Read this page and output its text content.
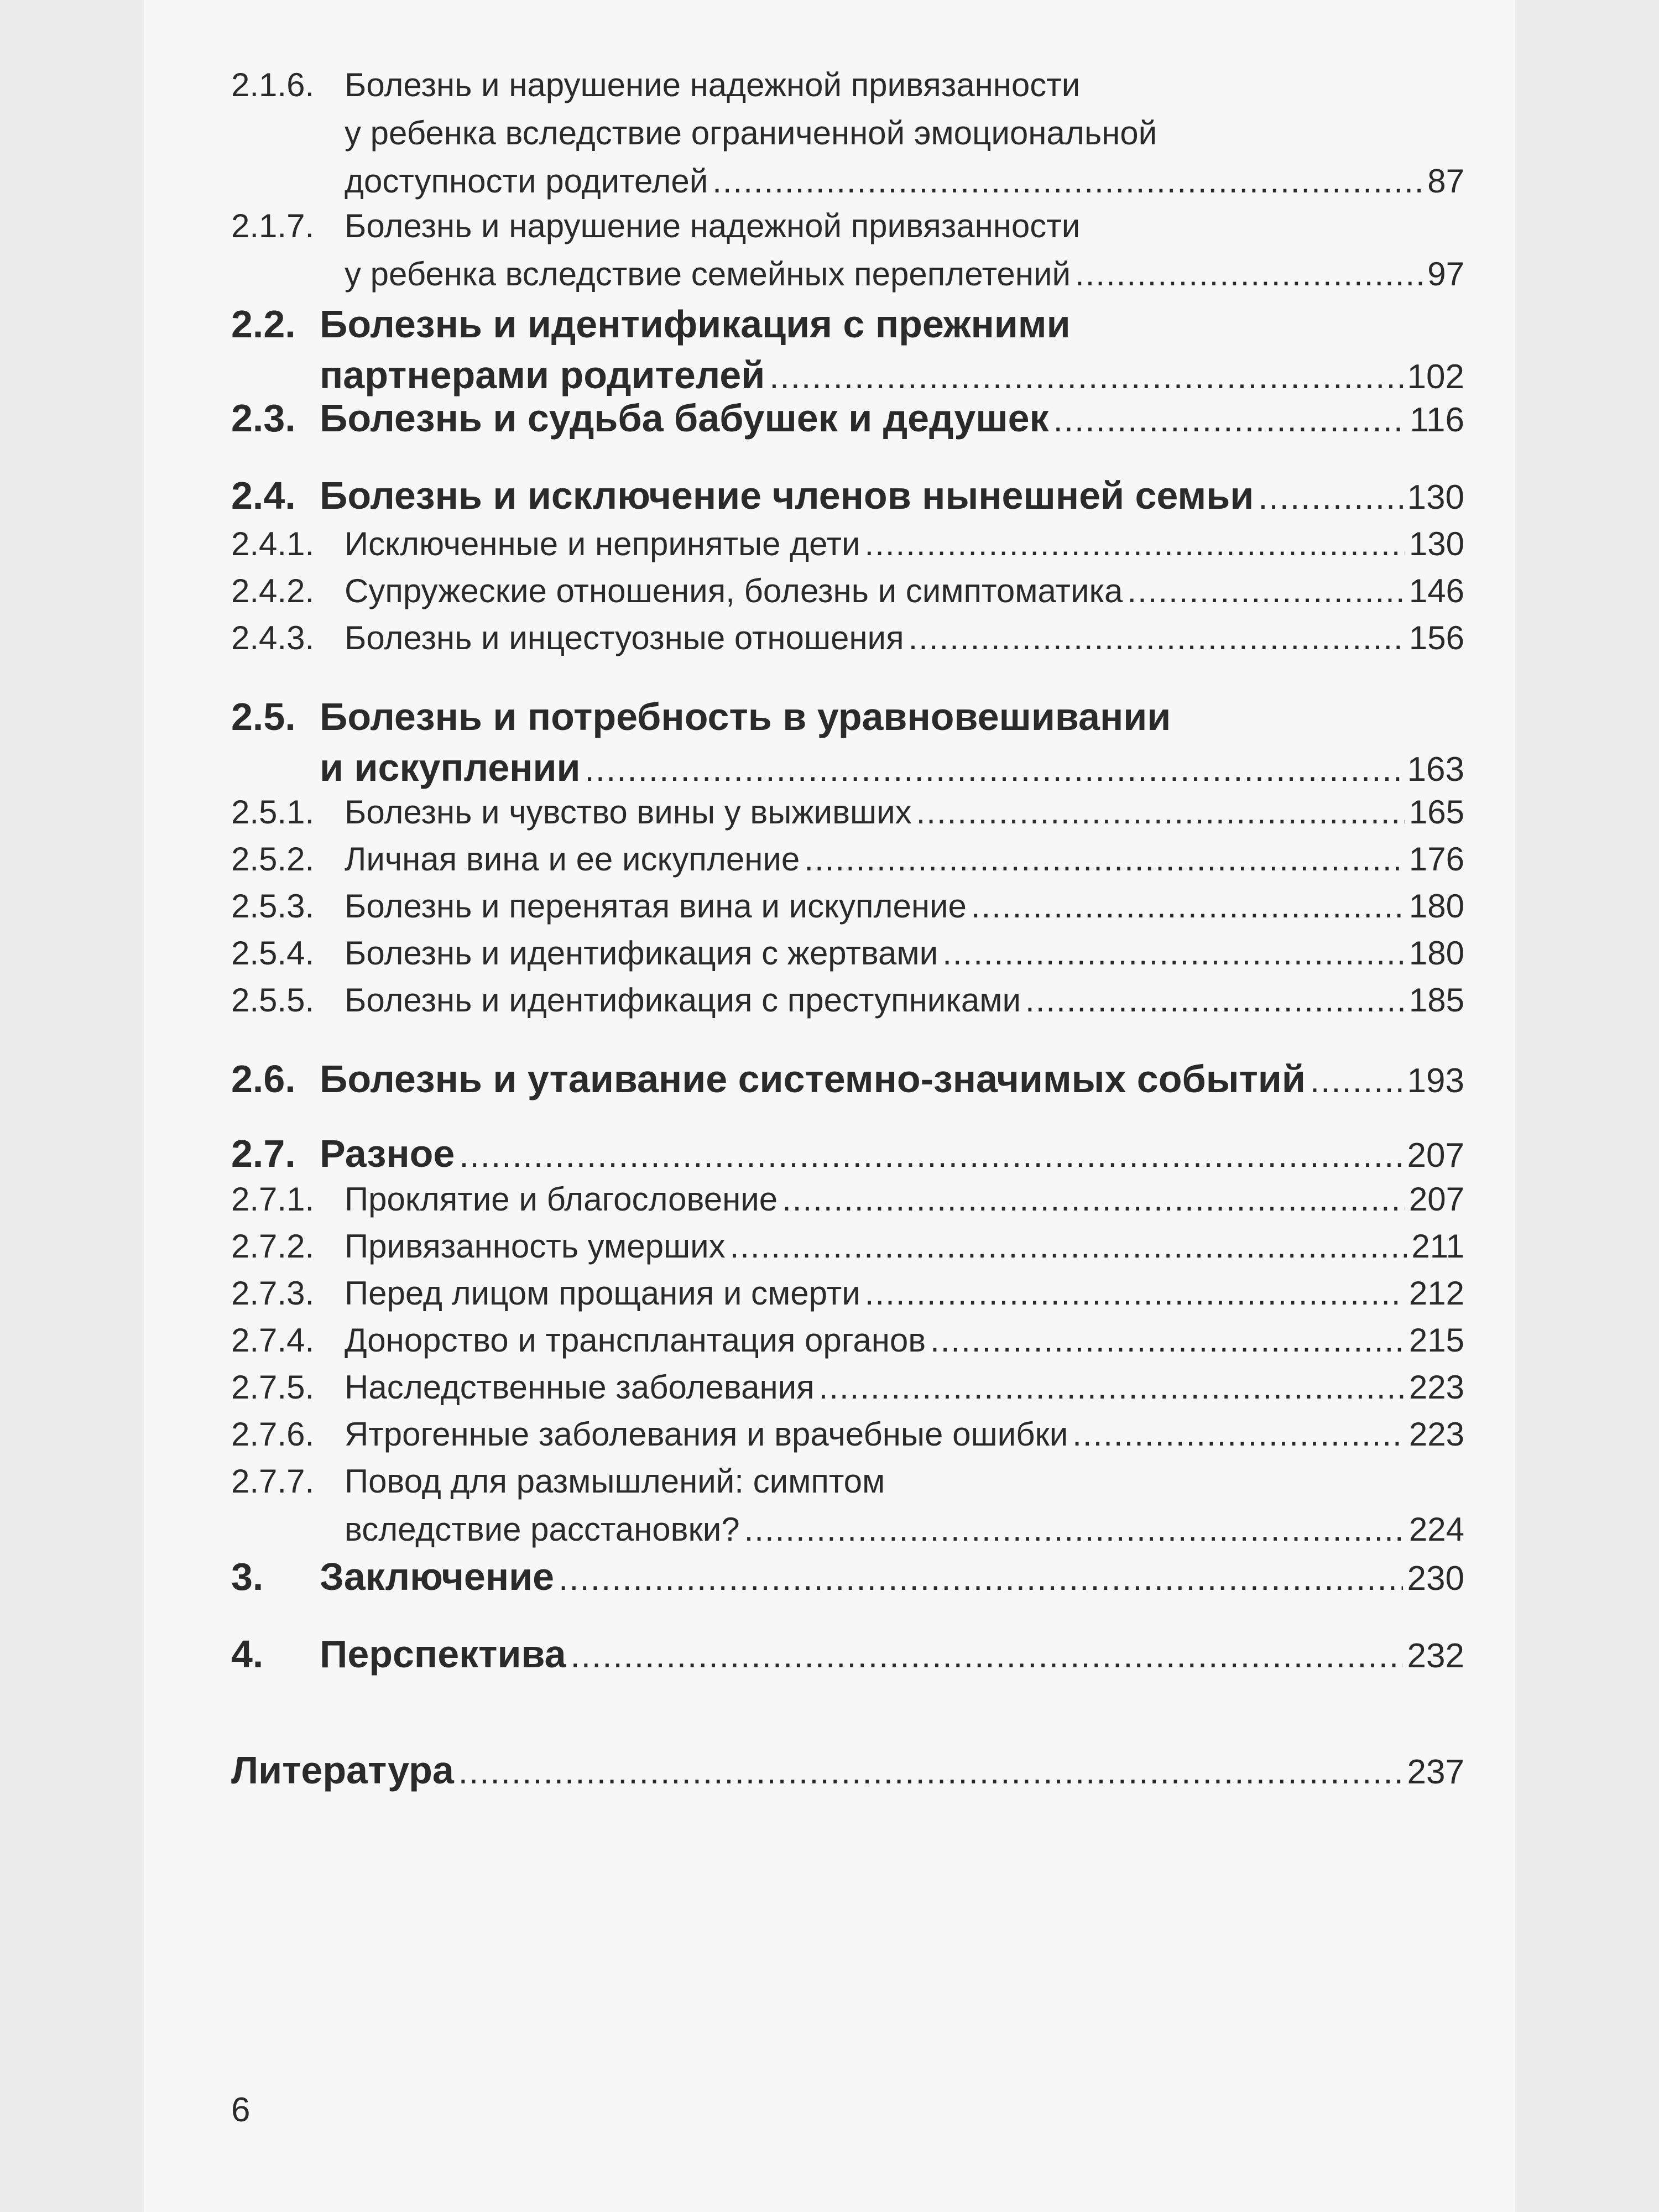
2.1.6. Болезнь и нарушение надежной привязанности
у ребенка вследствие ограниченной эмоциональной
доступности родителей .....	87
2.1.7. Болезнь и нарушение надежной привязанности
у ребенка вследствие семейных переплетений .....	97
2.2. Болезнь и идентификация с прежними
партнерами родителей .....	102
2.3. Болезнь и судьба бабушек и дедушек .....	116
2.4. Болезнь и исключение членов нынешней семьи .....	130
2.4.1. Исключенные и непринятые дети .....	130
2.4.2. Супружеские отношения, болезнь и симптоматика .....	146
2.4.3. Болезнь и инцестуозные отношения .....	156
2.5. Болезнь и потребность в уравновешивании
и искуплении .....	163
2.5.1. Болезнь и чувство вины у выживших .....	165
2.5.2. Личная вина и ее искупление .....	176
2.5.3. Болезнь и перенятая вина и искупление .....	180
2.5.4. Болезнь и идентификация с жертвами .....	180
2.5.5. Болезнь и идентификация с преступниками .....	185
2.6. Болезнь и утаивание системно-значимых событий .....	193
2.7. Разное .....	207
2.7.1. Проклятие и благословение .....	207
2.7.2. Привязанность умерших .....	211
2.7.3. Перед лицом прощания и смерти .....	212
2.7.4. Донорство и трансплантация органов .....	215
2.7.5. Наследственные заболевания .....	223
2.7.6. Ятрогенные заболевания и врачебные ошибки .....	223
2.7.7. Повод для размышлений: симптом
вследствие расстановки? .....	224
3. Заключение .....	230
4. Перспектива .....	232
Литература .....	237
6
